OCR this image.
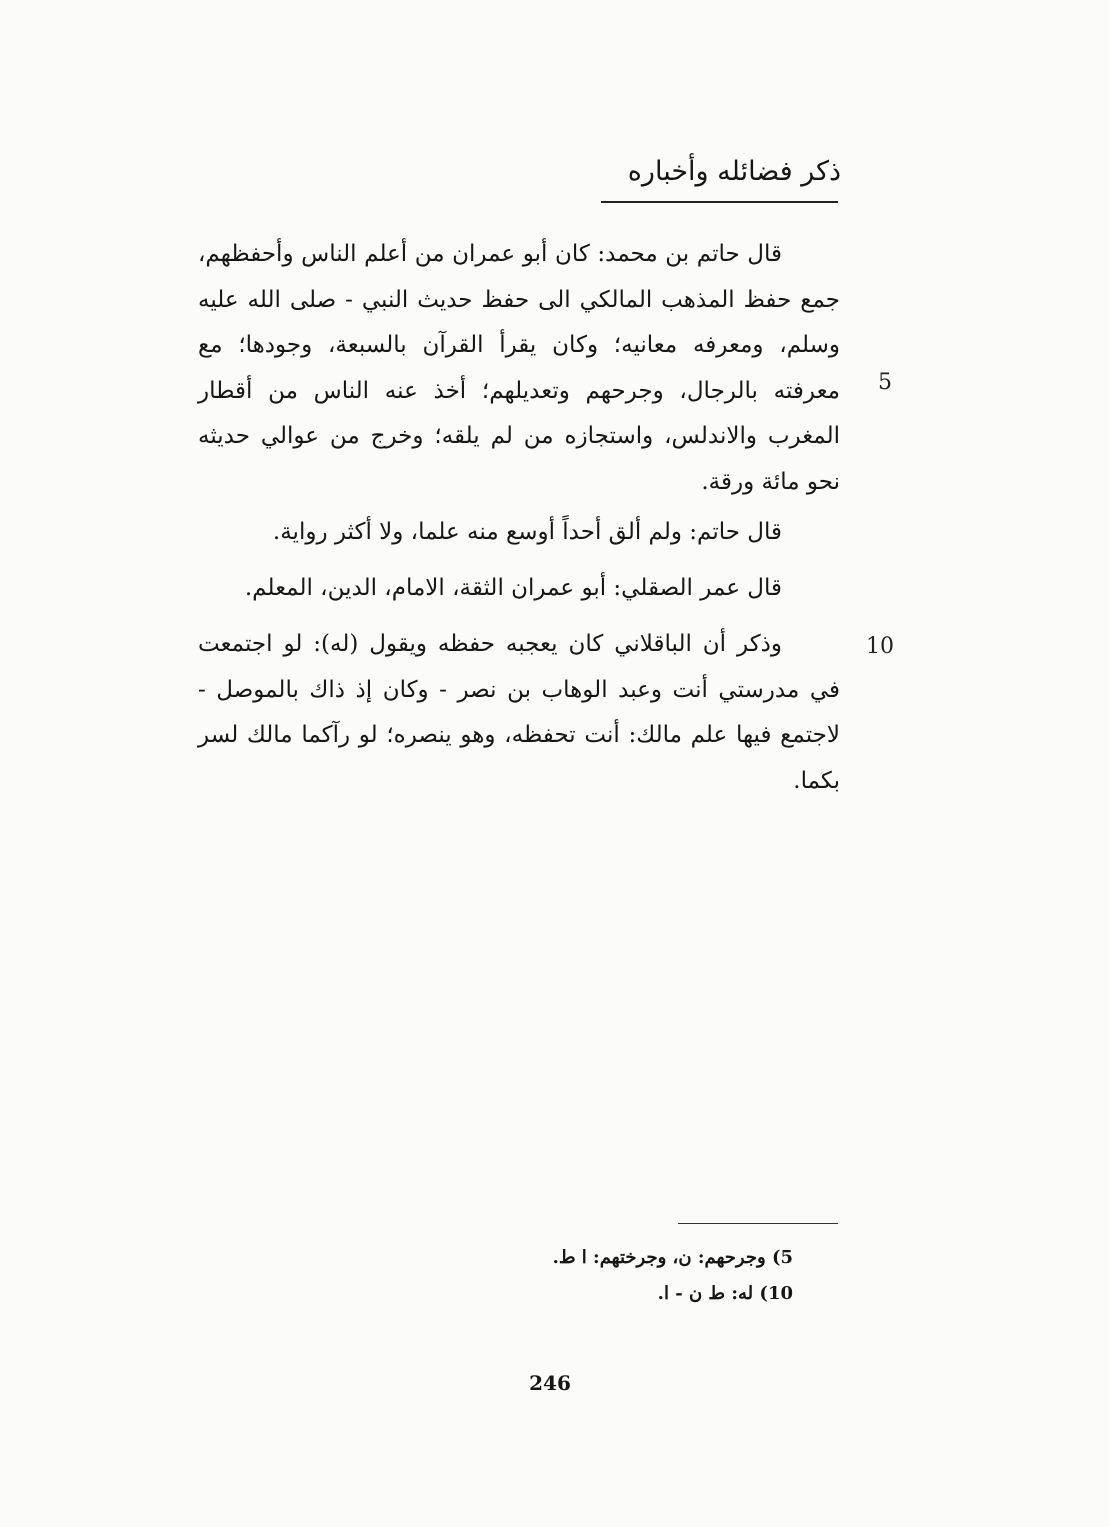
ذكر فضائله وأخباره
5
10

قال حاتم بن محمد: كان أبو عمران من أعلم الناس وأحفظهم، جمع حفظ المذهب المالكي الى حفظ حديث النبي - صلى الله عليه وسلم، ومعرفه معانيه؛ وكان يقرأ القرآن بالسبعة، وجودها؛ مع معرفته بالرجال، وجرحهم وتعديلهم؛ أخذ عنه الناس من أقطار المغرب والاندلس، واستجازه من لم يلقه؛ وخرج من عوالي حديثه نحو مائة ورقة.

قال حاتم: ولم ألق أحداً أوسع منه علما، ولا أكثر رواية.

قال عمر الصقلي: أبو عمران الثقة، الامام، الدين، المعلم.

وذكر أن الباقلاني كان يعجبه حفظه ويقول (له): لو اجتمعت في مدرستي أنت وعبد الوهاب بن نصر - وكان إذ ذاك بالموصل - لاجتمع فيها علم مالك: أنت تحفظه، وهو ينصره؛ لو رآكما مالك لسر بكما.

5) وجرحهم: ن، وجرختهم: ا ط.
10) له: ط ن - ا.
246
